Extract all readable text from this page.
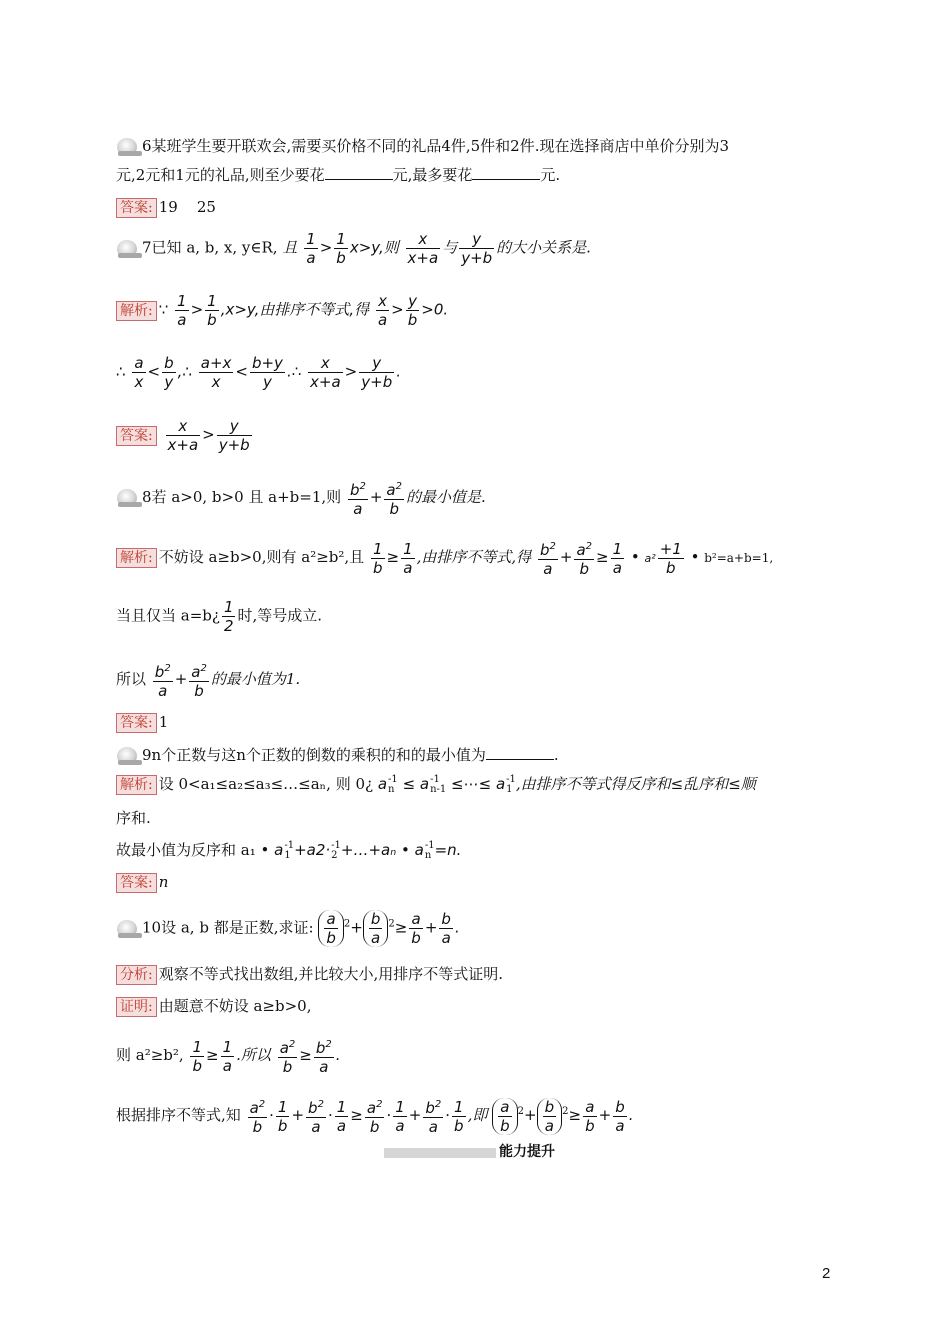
6某班学生要开联欢会,需要买价格不同的礼品4件,5件和2件.现在选择商店中单价分别为3
元,2元和1元的礼品,则至少要花	元,最多要花	元.
答案: 19    25
7已知 a, b, x, y∈R, 且 $\frac{1}{a} > \frac{1}{b} x>y$,则 $\frac{x}{x+a}$ 与 $\frac{y}{y+b}$ 的大小关系是.
解析: ∵ $\frac{1}{a} > \frac{1}{b} ,x>y$,由排序不等式,得 $\frac{x}{a} > \frac{y}{b} >0$.
∴ $\frac{a}{x} < \frac{b}{y}$ ,∴ $\frac{a+x}{x} < \frac{b+y}{y}$ .∴ $\frac{x}{x+a} > \frac{y}{y+b}$ .
答案: $\frac{x}{x+a} > \frac{y}{y+b}$
8若 a>0, b>0 且 a+b=1,则 $\frac{b^2}{a} + \frac{a^2}{b}$ 的最小值是.
解析: 不妨设 a≥b>0,则有 a²≥b²,且 $\frac{1}{b} \ge \frac{1}{a}$ ,由排序不等式,得 $\frac{b^2}{a} + \frac{a^2}{b} \ge \frac{1}{a}$ • $a^2 \frac{+1}{b}$ • b²=a+b=1,
当且仅当 a=b¿ $\frac{1}{2}$ 时,等号成立.
所以 $\frac{b^2}{a} + \frac{a^2}{b}$ 的最小值为1.
答案: 1
9n个正数与这n个正数的倒数的乘积的和的最小值为	.
解析: 设 0<a₁≤a₂≤a₃≤…≤aₙ, 则 0¿ a -1
n ≤ a -1
n-1 ≤⋯≤ a -1
1 ,由排序不等式得反序和≤乱序和≤顺
序和.
故最小值为反序和 a₁ • a -1
1 +a2· -1
2 +…+aₙ • a -1
n =n.
答案: n
10设 a, b 都是正数,求证: $\frac{a}{b} ^2+ \frac{b}{a} ^2\ge \frac{a}{b} + \frac{b}{a}$ .
分析: 观察不等式找出数组,并比较大小,用排序不等式证明.
证明: 由题意不妨设 a≥b>0,
则 a²≥b², $\frac{1}{b} \ge \frac{1}{a}$ .所以 $\frac{a^2}{b} \ge \frac{b^2}{a}$ .
根据排序不等式,知 $\frac{a^2}{b} \cdot \frac{1}{b} + \frac{b^2}{a} \cdot \frac{1}{a} \ge \frac{a^2}{b} \cdot \frac{1}{a} + \frac{b^2}{a} \cdot \frac{1}{b}$ ,即 $\frac{a}{b} ^2+ \frac{b}{a} ^2\ge \frac{a}{b} + \frac{b}{a}$ .
能力提升
2
